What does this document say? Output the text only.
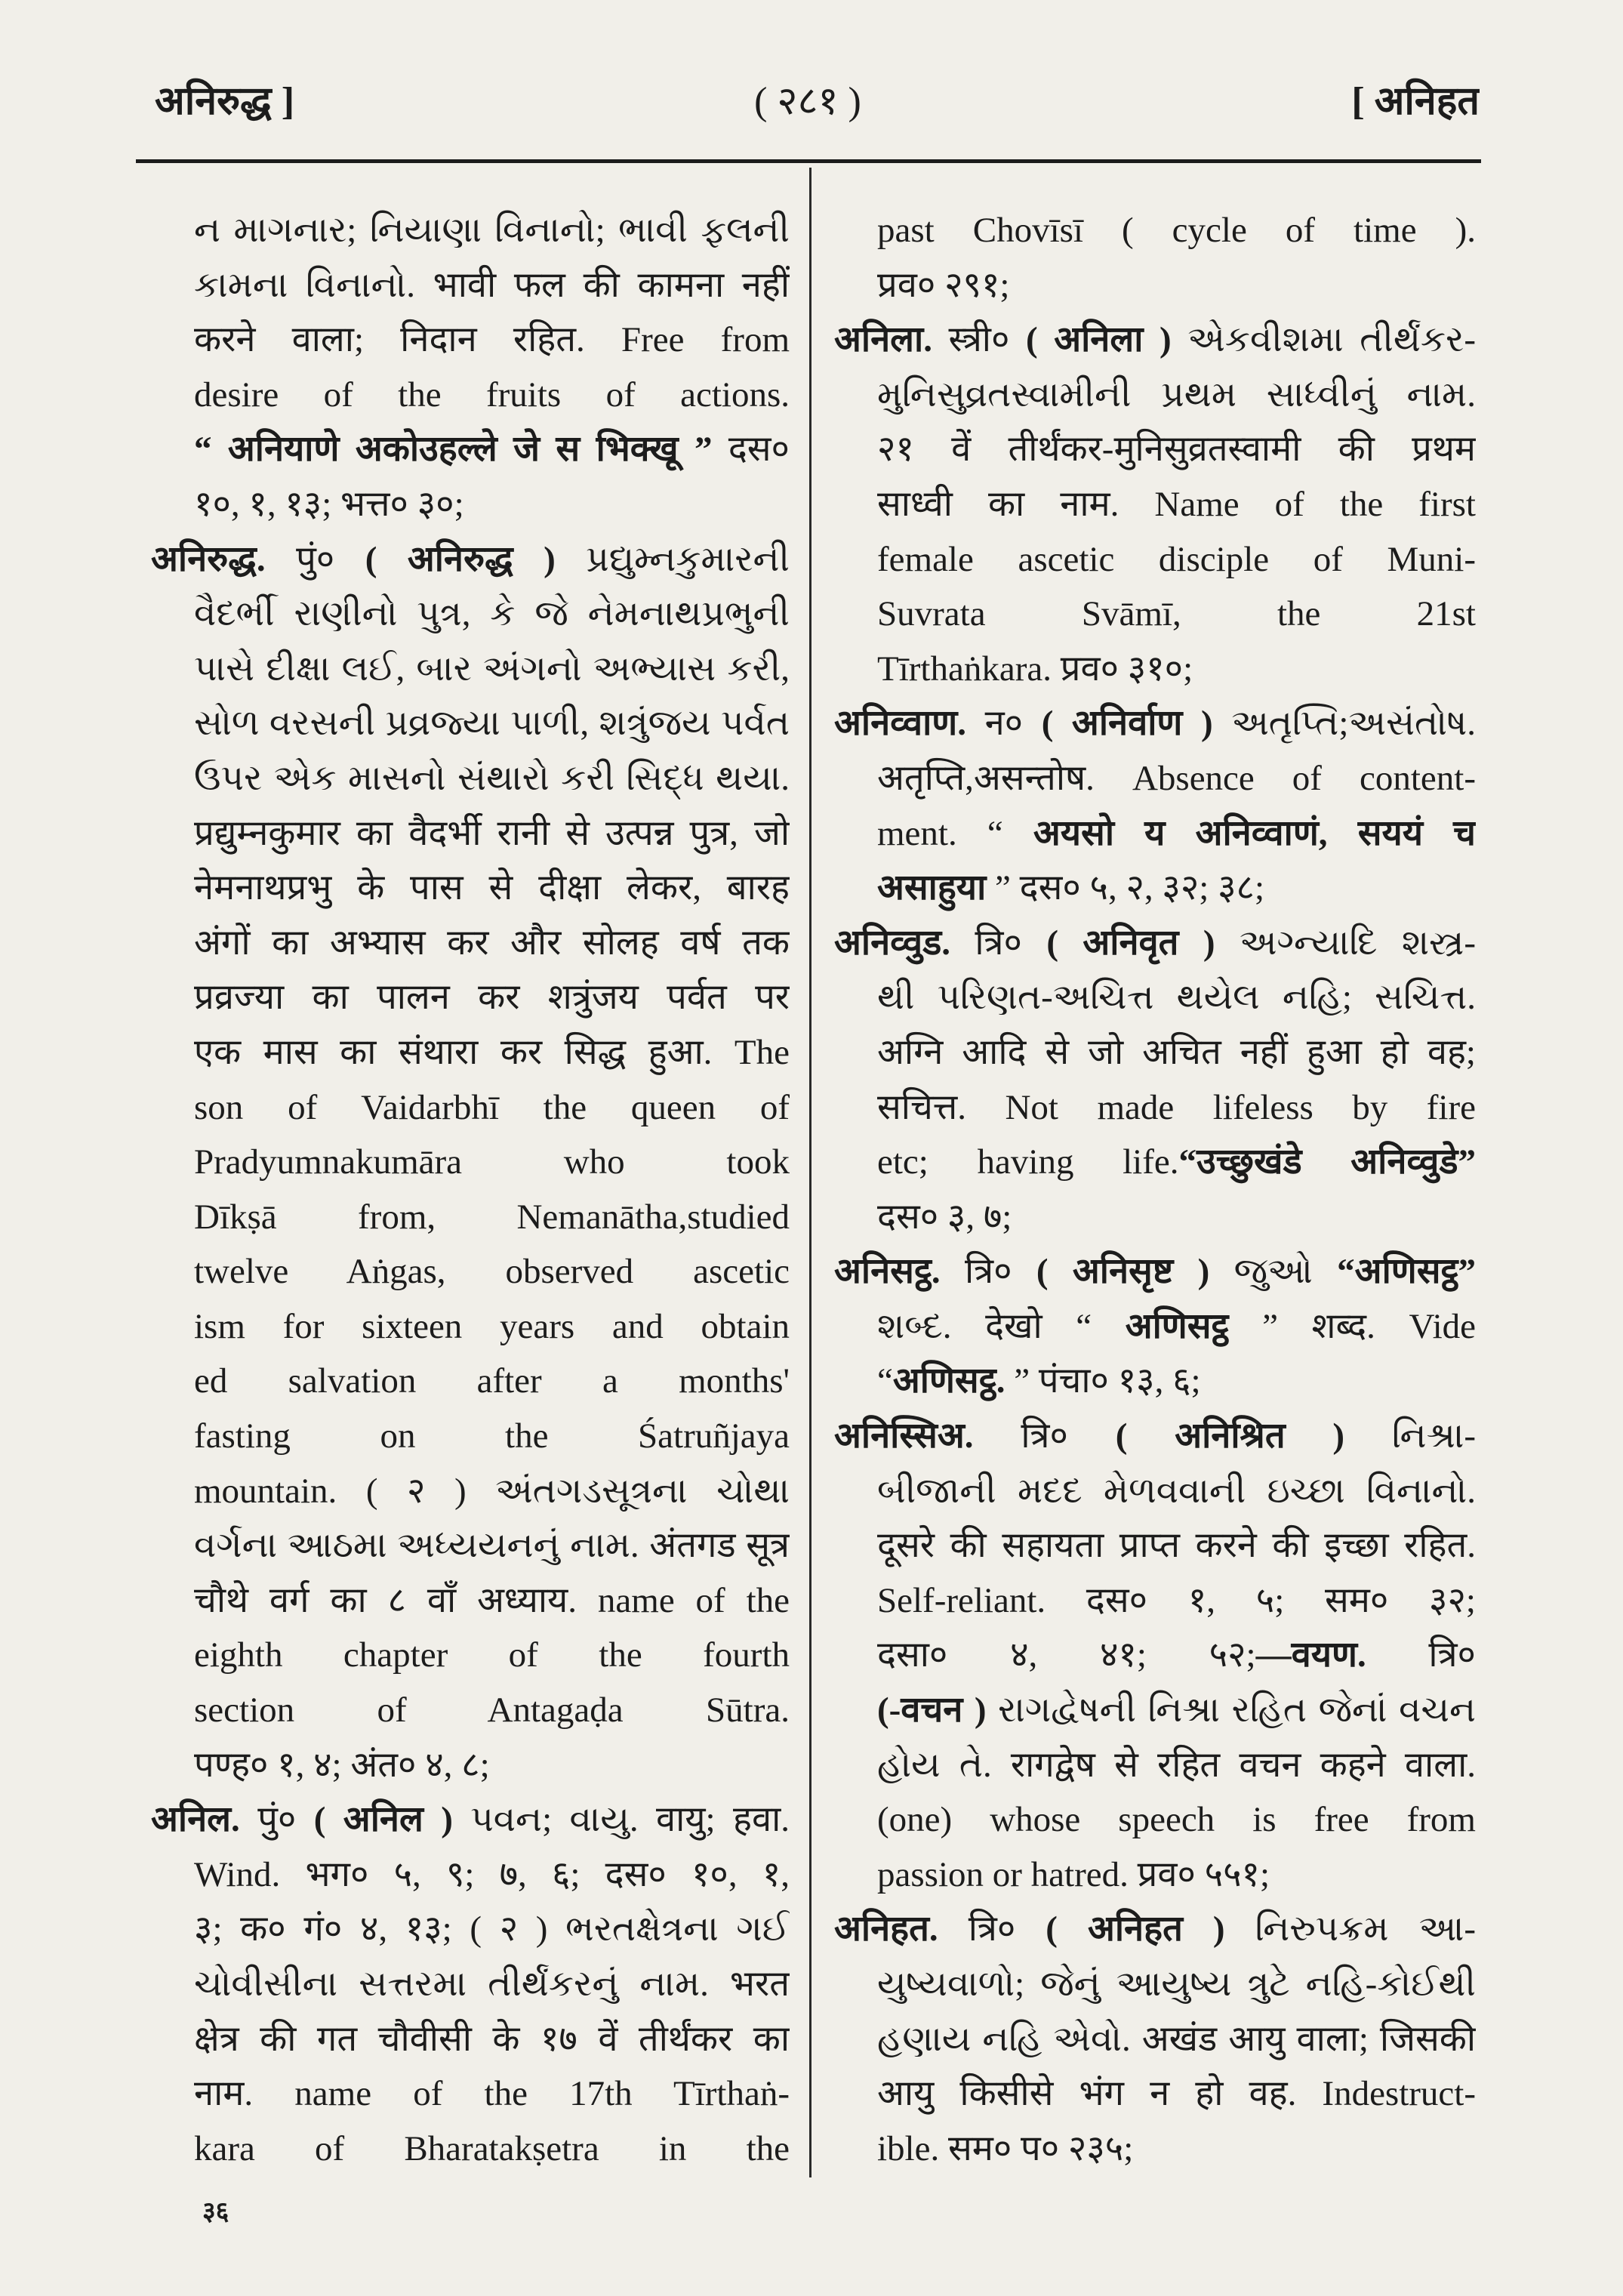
अनिरुद्ध ]	( २८१ )	[ अनिहत
ન માગનાર; નિયાણા વિનાનો; ભાવી ફલની
કામના વિનાનો. भावी फल की कामना नहीं
करने वाला; निदान रहित. Free from
desire of the fruits of actions.
“ अनियाणे अकोउहल्ले जे स भिक्खू ” दस०
१०, १, १३; भत्त० ३०;
अनिरुद्ध. पुं० ( अनिरुद्ध ) પ્રદ્યુમ્નકુમારની
વૈદર્ભી રાણીનો પુત્ર, કે જે નેમનાથપ્રભુની
પાસે દીક્ષા લઈ, બાર અંગનો અભ્યાસ કરી,
સોળ વરસની પ્રવ્રજ્યા પાળી, શત્રુંજય પર્વત
ઉપર એક માસનો સંથારો કરી સિદ્ધ થયા.
प्रद्युम्नकुमार का वैदर्भी रानी से उत्पन्न पुत्र, जो
नेमनाथप्रभु के पास से दीक्षा लेकर, बारह
अंगों का अभ्यास कर और सोलह वर्ष तक
प्रव्रज्या का पालन कर शत्रुंजय पर्वत पर
एक मास का संथारा कर सिद्ध हुआ. The
son of Vaidarbhī the queen of
Pradyumnakumāra who took
Dīkṣā from, Nemanātha,studied
twelve Aṅgas, observed ascetic
ism for sixteen years and obtain
ed salvation after a months'
fasting on the Śatruñjaya
mountain. ( २ ) અંતગડસૂત્રના ચોથા
વર્ગના આઠમા અધ્યયનનું નામ. अंतगड सूत्र
चौथे वर्ग का ८ वाँ अध्याय. name of the
eighth chapter of the fourth
section of Antagaḍa Sūtra.
पण्ह० १, ४; अंत० ४, ८;
अनिल. पुं० ( अनिल ) પવન; વાયુ. वायु; हवा.
Wind. भग० ५, ९; ७, ६; दस० १०, १,
३; क० गं० ४, १३; ( २ ) ભરતક્ષેત્રના ગઈ
ચોવીસીના સત્તરમા તીર્થંકરનું નામ. भरत
क्षेत्र की गत चौवीसी के १७ वें तीर्थंकर का
नाम. name of the 17th Tīrthaṅ-
kara of Bharatakṣetra in the
past Chovīsī ( cycle of time ).
प्रव० २९१;
अनिला. स्त्री० ( अनिला ) એકવીશમા તીર્થંકર-
મુનિસુવ્રતસ્વામીની પ્રથમ સાધ્વીનું નામ.
२१ वें तीर्थंकर-मुनिसुव्रतस्वामी की प्रथम
साध्वी का नाम. Name of the first
female ascetic disciple of Muni-
Suvrata Svāmī, the 21st
Tīrthaṅkara. प्रव० ३१०;
अनिव्वाण. न० ( अनिर्वाण ) અતૃપ્તિ;અસંતોષ.
अतृप्ति,असन्तोष. Absence of content-
ment. “ अयसो य अनिव्वाणं, सययं च
असाहुया ” दस० ५, २, ३२; ३८;
अनिव्वुड. त्रि० ( अनिवृत ) અગ્ન્યાદિ શસ્ત્ર-
થી પરિણત-અચિત્ત થયેલ નહિ; સચિત્ત.
अग्नि आदि से जो अचित नहीं हुआ हो वह;
सचित्त. Not made lifeless by fire
etc; having life.“उच्छुखंडे अनिव्वुडे”
दस० ३, ७;
अनिसट्ठ. त्रि० ( अनिसृष्ट ) જુઓ “अणिसट्ठ”
શબ્દ. देखो “ अणिसट्ठ ” शब्द. Vide
“अणिसट्ठ. ” पंचा० १३, ६;
अनिस्सिअ. त्रि० ( अनिश्रित ) નિશ્રા-
બીજાની મદદ મેળવવાની ઇચ્છા વિનાનો.
दूसरे की सहायता प्राप्त करने की इच्छा रहित.
Self-reliant. दस० १, ५; सम० ३२;
दसा० ४, ४१; ५२;—वयण. त्रि०
(-वचन ) રાગદ્વેષની નિશ્રા રહિત જેનાં વચન
હોય તે. रागद्वेष से रहित वचन कहने वाला.
(one) whose speech is free from
passion or hatred. प्रव० ५५१;
अनिहत. त्रि० ( अनिहत ) નિરુપક્રમ આ-
યુષ્યવાળો; જેનું આયુષ્ય ત્રુટે નહિ-કોઈથી
હણાય નહિ એવો. अखंड आयु वाला; जिसकी
आयु किसीसे भंग न हो वह. Indestruct-
ible. सम० प० २३५;
३६
